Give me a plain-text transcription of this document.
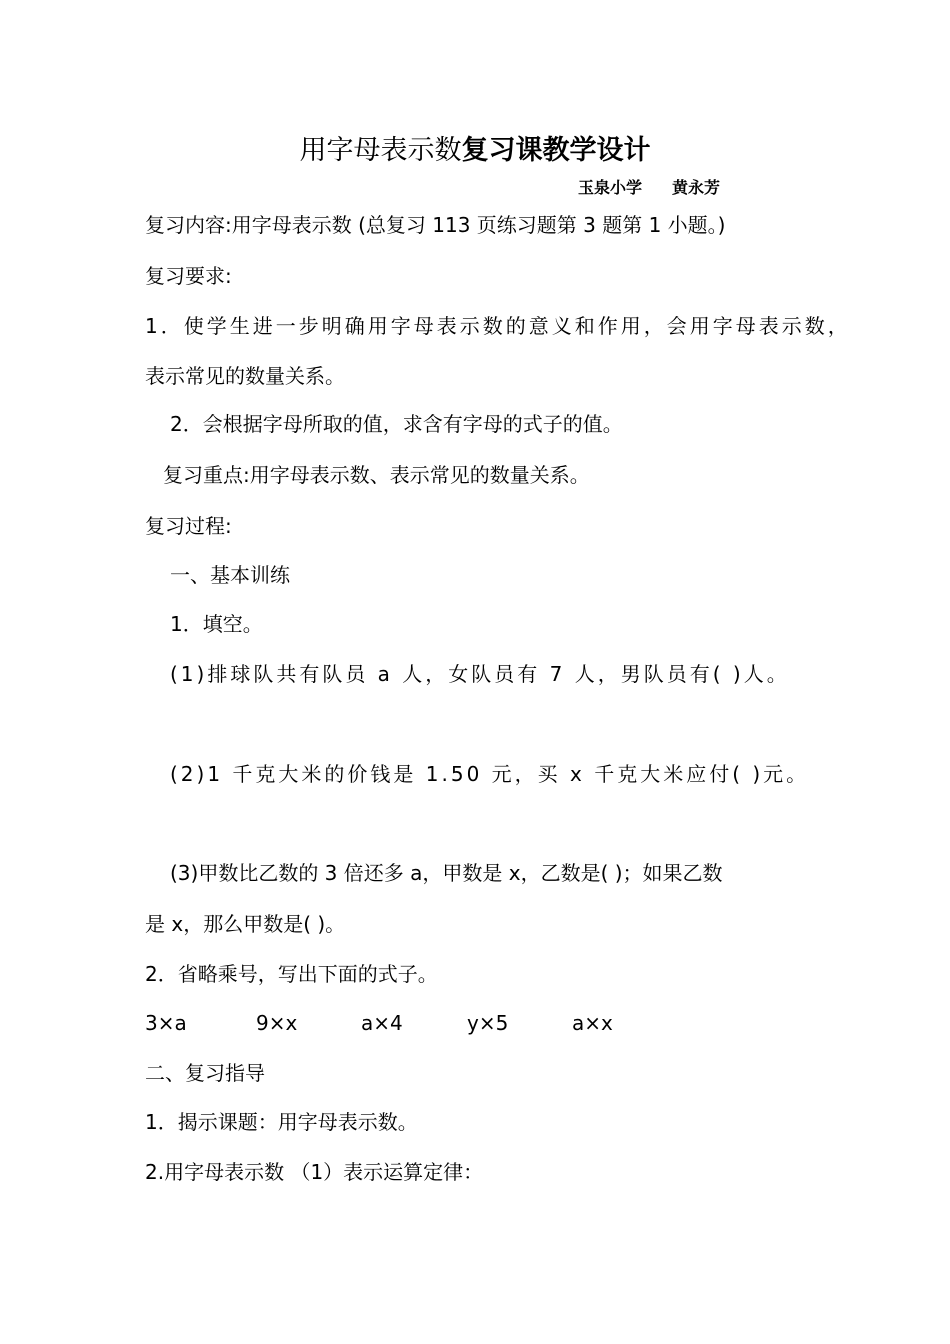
用字母表示数复习课教学设计
玉泉小学 黄永芳
复习内容:用字母表示数 (总复习 113 页练习题第 3 题第 1 小题。)
复习要求:
1．使学生进一步明确用字母表示数的意义和作用，会用字母表示数，
表示常见的数量关系。
2．会根据字母所取的值，求含有字母的式子的值。
复习重点:用字母表示数、表示常见的数量关系。
复习过程:
一、基本训练
1．填空。
(1)排球队共有队员 a 人，女队员有 7 人，男队员有( )人。
(2)1 千克大米的价钱是 1.50 元，买 x 千克大米应付( )元。
(3)甲数比乙数的 3 倍还多 a，甲数是 x，乙数是( )；如果乙数
是 x，那么甲数是( )。
2．省略乘号，写出下面的式子。
3×a	9×x	a×4	y×5	a×x
二、复习指导
1．揭示课题：用字母表示数。
2.用字母表示数 （1）表示运算定律：
